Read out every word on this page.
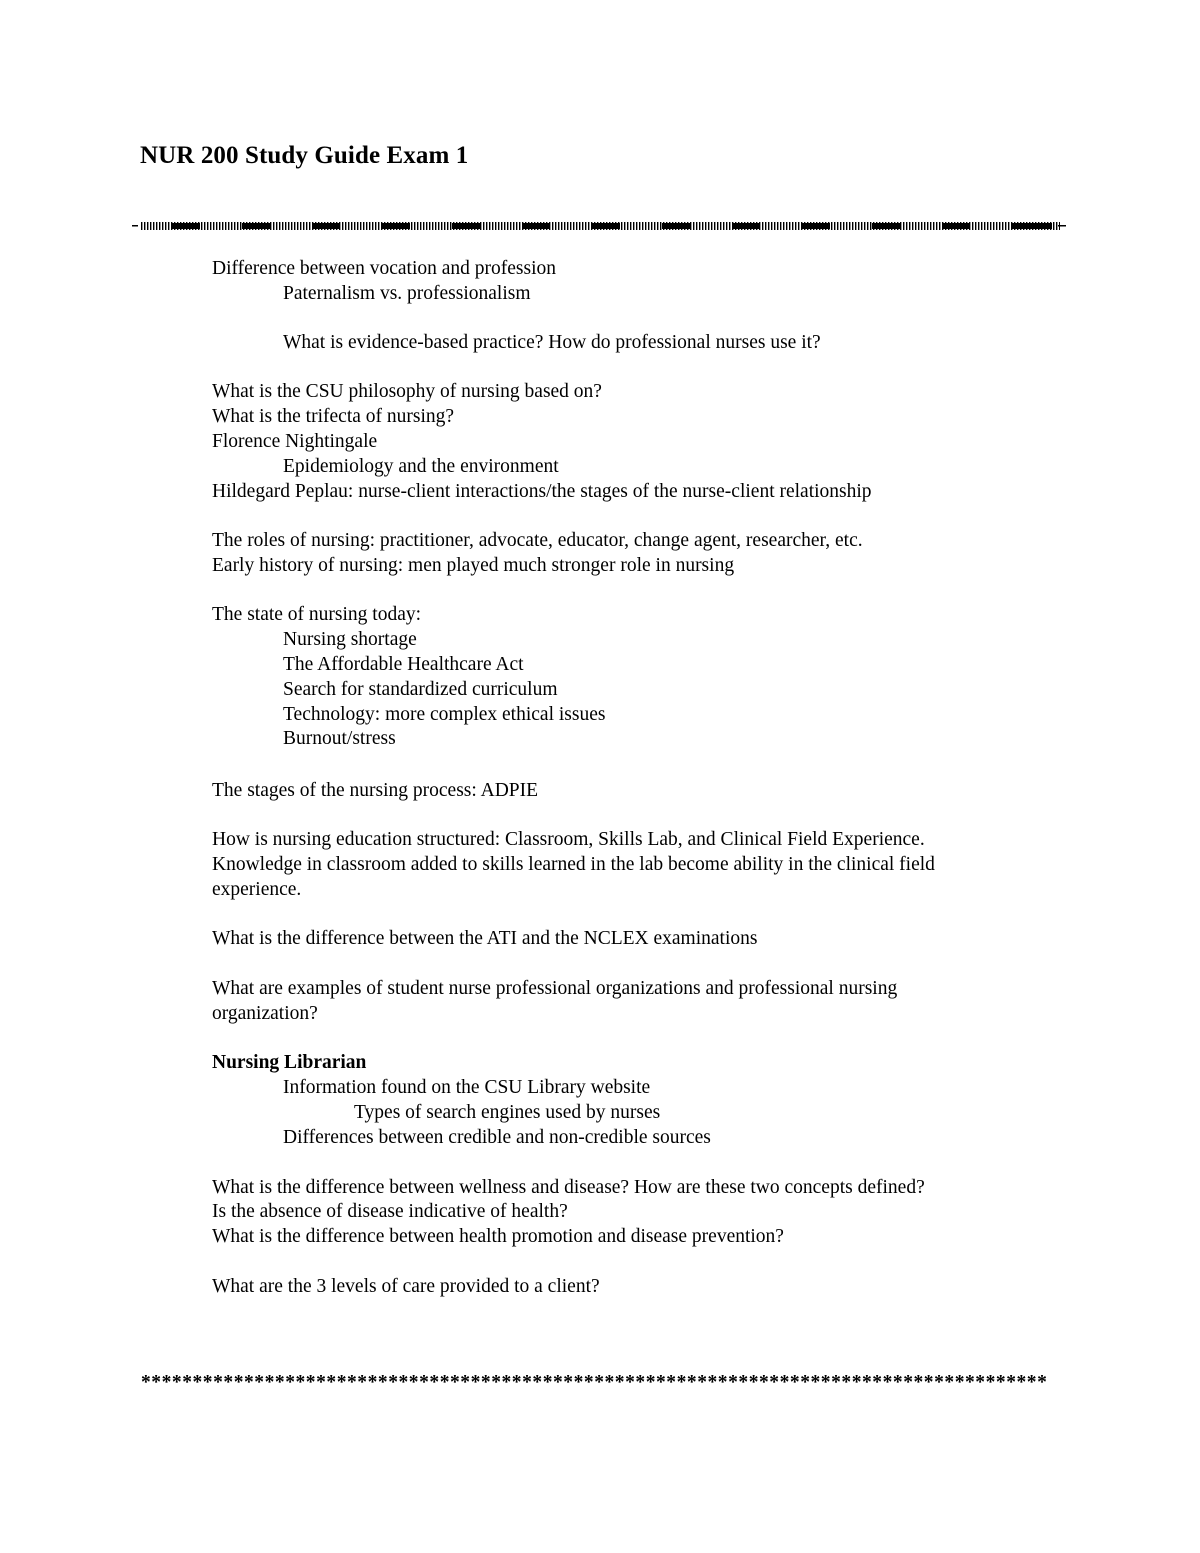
NUR 200 Study Guide Exam 1
Difference between vocation and profession
Paternalism vs. professionalism
What is evidence-based practice? How do professional nurses use it?
What is the CSU philosophy of nursing based on?
What is the trifecta of nursing?
Florence Nightingale
Epidemiology and the environment
Hildegard Peplau: nurse-client interactions/the stages of the nurse-client relationship
The roles of nursing: practitioner, advocate, educator, change agent, researcher, etc.
Early history of nursing: men played much stronger role in nursing
The state of nursing today:
Nursing shortage
The Affordable Healthcare Act
Search for standardized curriculum
Technology: more complex ethical issues
Burnout/stress
The stages of the nursing process: ADPIE
How is nursing education structured: Classroom, Skills Lab, and Clinical Field Experience.
Knowledge in classroom added to skills learned in the lab become ability in the clinical field
experience.
What is the difference between the ATI and the NCLEX examinations
What are examples of student nurse professional organizations and professional nursing
organization?
Nursing Librarian
Information found on the CSU Library website
Types of search engines used by nurses
Differences between credible and non-credible sources
What is the difference between wellness and disease? How are these two concepts defined?
Is the absence of disease indicative of health?
What is the difference between health promotion and disease prevention?
What are the 3 levels of care provided to a client?
****************************************************************************************
